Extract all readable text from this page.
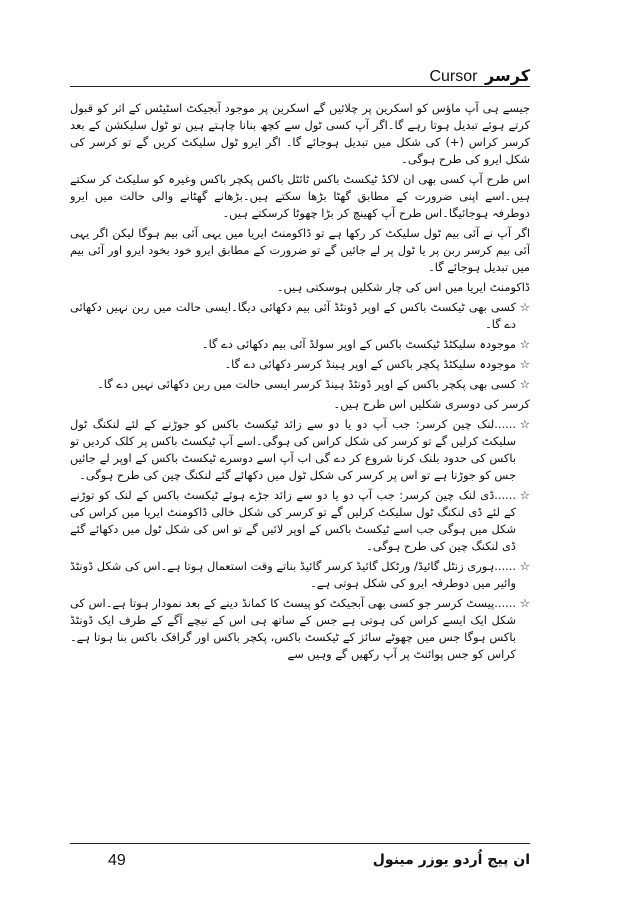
Cursor کرسر

جیسے ہی آپ ماؤس کو اسکرین پر چلائیں گے اسکرین پر موجود آبجیکٹ اسٹیٹس کے اثر کو قبول کرتے ہوئے تبدیل ہوتا رہے گا۔اگر آپ کسی ٹول سے کچھ بنانا چاہتے ہیں تو ٹول سلیکشن کے بعد کرسر کراس (+) کی شکل میں تبدیل ہوجائے گا۔ اگر ایرو ٹول سلیکٹ کریں گے تو کرسر کی شکل ایرو کی طرح ہوگی۔

اس طرح آپ کسی بھی ان لاکڈ ٹیکسٹ باکس ٹائٹل باکس پکچر باکس وغیرہ کو سلیکٹ کر سکتے ہیں۔اسے اپنی ضرورت کے مطابق گھٹا بڑھا سکتے ہیں۔بڑھانے گھٹانے والی حالت میں ایرو دوطرفہ ہوجائیگا۔اس طرح آپ کھینچ کر بڑا چھوٹا کرسکتے ہیں۔

اگر آپ نے آئی بیم ٹول سلیکٹ کر رکھا ہے تو ڈاکومنٹ ایریا میں یہی آئی بیم ہوگا لیکن اگر یہی آئی بیم کرسر ربن پر یا ٹول پر لے جائیں گے تو ضرورت کے مطابق ایرو خود بخود ایرو اور آئی بیم میں تبدیل ہوجائے گا۔

ڈاکومنٹ ایریا میں اس کی چار شکلیں ہوسکتی ہیں۔

☆
کسی بھی ٹیکسٹ باکس کے اوپر ڈونٹڈ آئی بیم دکھائی دیگا۔ایسی حالت میں ربن نہیں دکھائی دے گا۔
☆
موجودہ سلیکٹڈ ٹیکسٹ باکس کے اوپر سولڈ آئی بیم دکھائی دے گا۔
☆
موجودہ سلیکٹڈ پکچر باکس کے اوپر ہینڈ کرسر دکھائی دے گا۔
☆
کسی بھی پکچر باکس کے اوپر ڈونٹڈ ہینڈ کرسر ایسی حالت میں ربن دکھائی نہیں دے گا۔

کرسر کی دوسری شکلیں اس طرح ہیں۔

☆
......لنک چین کرسر: جب آپ دو یا دو سے زائد ٹیکسٹ باکس کو جوڑنے کے لئے لنکنگ ٹول سلیکٹ کرلیں گے تو کرسر کی شکل کراس کی ہوگی۔اسے آپ ٹیکسٹ باکس پر کلک کردیں تو باکس کی حدود بلنک کرنا شروع کر دے گی اب آپ اسے دوسرے ٹیکسٹ باکس کے اوپر لے جائیں جس کو جوڑنا ہے تو اس پر کرسر کی شکل ٹول میں دکھائے گئے لنکنگ چین کی طرح ہوگی۔
☆
......ڈی لنک چین کرسر: جب آپ دو یا دو سے زائد جڑے ہوئے ٹیکسٹ باکس کے لنک کو توڑنے کے لئے ڈی لنکنگ ٹول سلیکٹ کرلیں گے تو کرسر کی شکل خالی ڈاکومنٹ ایریا میں کراس کی شکل میں ہوگی جب اسے ٹیکسٹ باکس کے اوپر لائیں گے تو اس کی شکل ٹول میں دکھائے گئے ڈی لنکنگ چین کی طرح ہوگی۔
☆
......ہوری زنٹل گائیڈ/ ورٹکل گائیڈ کرسر گائیڈ بناتے وقت استعمال ہوتا ہے۔اس کی شکل ڈونٹڈ وائیر میں دوطرفہ ایرو کی شکل ہوتی ہے۔
☆
......پیسٹ کرسر جو کسی بھی آبجیکٹ کو پیسٹ کا کمانڈ دینے کے بعد نمودار ہوتا ہے۔اس کی شکل ایک ایسے کراس کی ہوتی ہے جس کے ساتھ ہی اس کے نیچے آگے کے طرف ایک ڈونٹڈ باکس ہوگا جس میں چھوٹے سائز کے ٹیکسٹ باکس، پکچر باکس اور گرافک باکس بنا ہوتا ہے۔کراس کو جس پوائنٹ پر آپ رکھیں گے وہیں سے
49	ان پیج اُردو یوزر مینول
